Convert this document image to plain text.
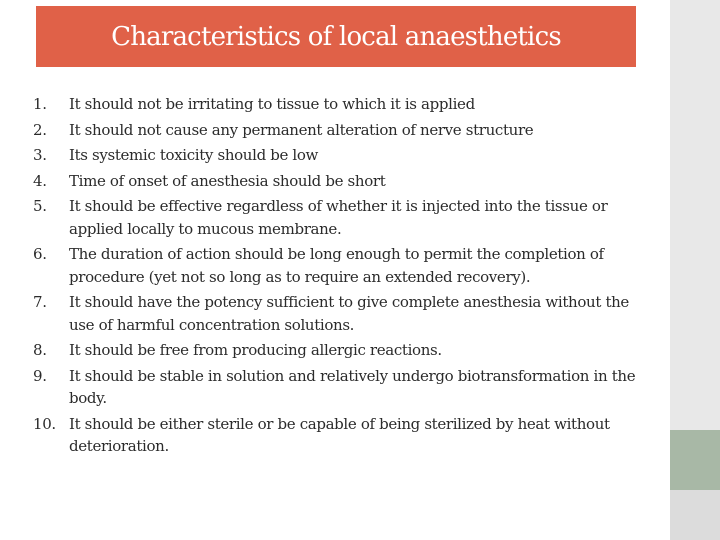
Characteristics of local anaesthetics
1.	It should not be irritating to tissue to which it is applied
2.	It should not cause any permanent alteration of nerve structure
3.	Its systemic toxicity should be low
4.	Time of onset of anesthesia should be short
5.	It should be effective regardless of whether it is injected into the tissue or applied locally to mucous membrane.
6.	The duration of action should be long enough to permit the completion of procedure (yet not so long as to require an extended recovery).
7.	It should have the potency sufficient to give complete anesthesia without the use of harmful concentration solutions.
8.	It should be free from producing allergic reactions.
9.	It should be stable in solution and relatively undergo biotransformation in the body.
10. It should be either sterile or be capable of being sterilized by heat without deterioration.
